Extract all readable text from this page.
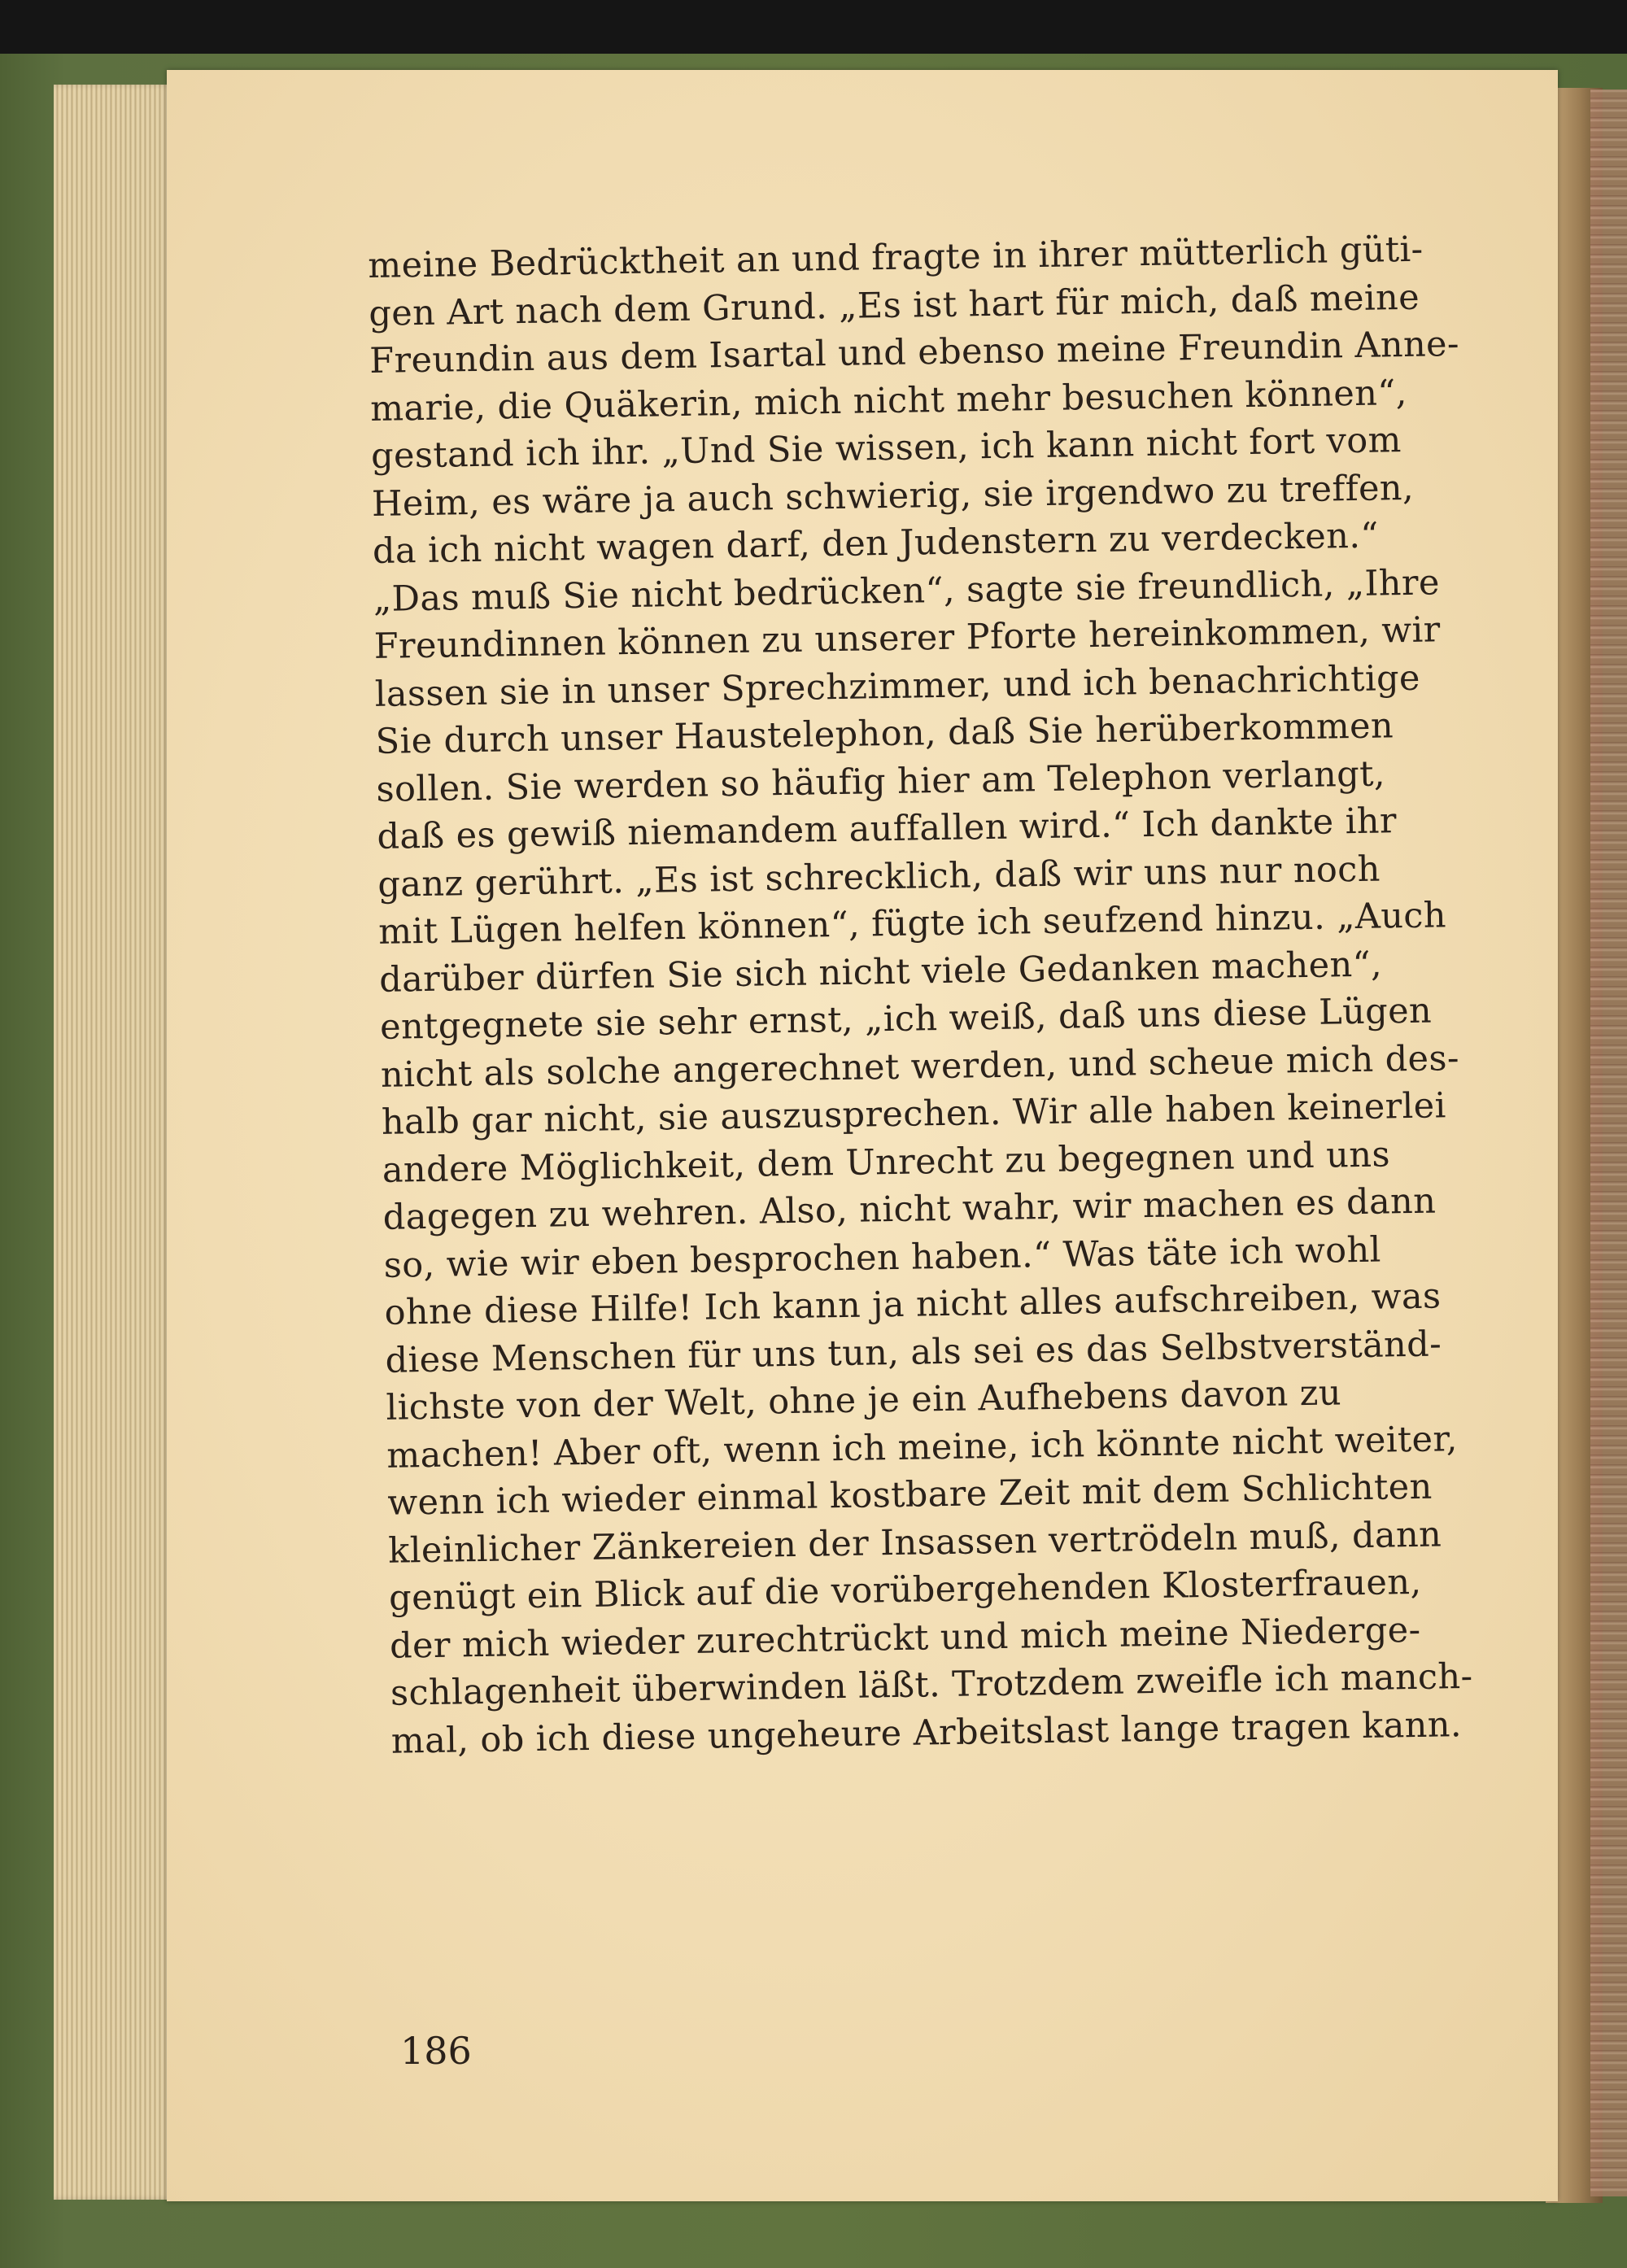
meine Bedrücktheit an und fragte in ihrer mütterlich güti-
gen Art nach dem Grund. „Es ist hart für mich, daß meine
Freundin aus dem Isartal und ebenso meine Freundin Anne-
marie, die Quäkerin, mich nicht mehr besuchen können“,
gestand ich ihr. „Und Sie wissen, ich kann nicht fort vom
Heim, es wäre ja auch schwierig, sie irgendwo zu treffen,
da ich nicht wagen darf, den Judenstern zu verdecken.“
„Das muß Sie nicht bedrücken“, sagte sie freundlich, „Ihre
Freundinnen können zu unserer Pforte hereinkommen, wir
lassen sie in unser Sprechzimmer, und ich benachrichtige
Sie durch unser Haustelephon, daß Sie herüberkommen
sollen. Sie werden so häufig hier am Telephon verlangt,
daß es gewiß niemandem auffallen wird.“ Ich dankte ihr
ganz gerührt. „Es ist schrecklich, daß wir uns nur noch
mit Lügen helfen können“, fügte ich seufzend hinzu. „Auch
darüber dürfen Sie sich nicht viele Gedanken machen“,
entgegnete sie sehr ernst, „ich weiß, daß uns diese Lügen
nicht als solche angerechnet werden, und scheue mich des-
halb gar nicht, sie auszusprechen. Wir alle haben keinerlei
andere Möglichkeit, dem Unrecht zu begegnen und uns
dagegen zu wehren. Also, nicht wahr, wir machen es dann
so, wie wir eben besprochen haben.“ Was täte ich wohl
ohne diese Hilfe! Ich kann ja nicht alles aufschreiben, was
diese Menschen für uns tun, als sei es das Selbstverständ-
lichste von der Welt, ohne je ein Aufhebens davon zu
machen! Aber oft, wenn ich meine, ich könnte nicht weiter,
wenn ich wieder einmal kostbare Zeit mit dem Schlichten
kleinlicher Zänkereien der Insassen vertrödeln muß, dann
genügt ein Blick auf die vorübergehenden Klosterfrauen,
der mich wieder zurechtrückt und mich meine Niederge-
schlagenheit überwinden läßt. Trotzdem zweifle ich manch-
mal, ob ich diese ungeheure Arbeitslast lange tragen kann.
186
